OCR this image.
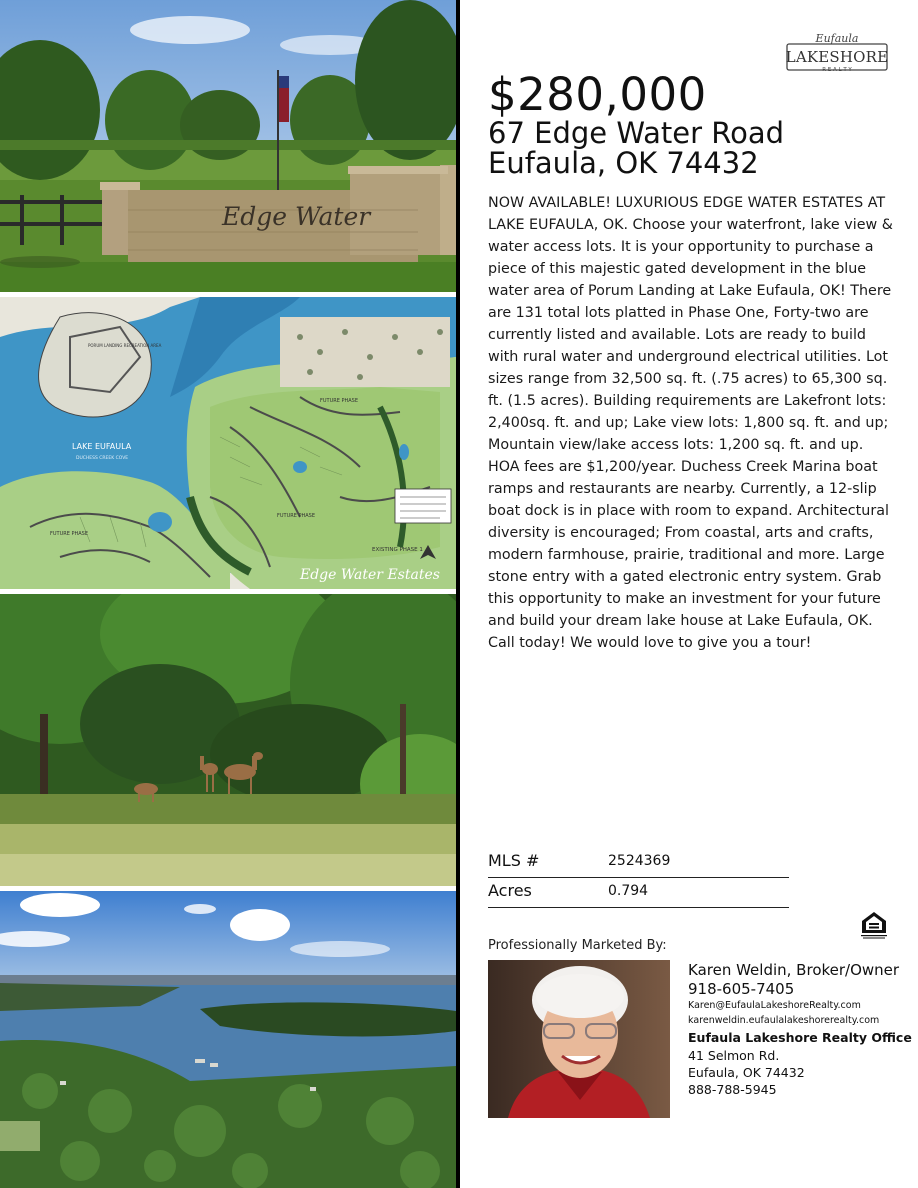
Edge Water
LAKE EUFAULA
DUCHESS CREEK COVE
PORUM LANDING RECREATION AREA
FUTURE PHASE
FUTURE PHASE
FUTURE PHASE
EXISTING PHASE 1
Edge Water Estates
Eufaula
LAKESHORE
R E A L T Y
$280,000
67 Edge Water Road
Eufaula, OK 74432
NOW AVAILABLE! LUXURIOUS EDGE WATER ESTATES AT LAKE EUFAULA, OK. Choose your waterfront, lake view & water access lots. It is your opportunity to purchase a piece of this majestic gated development in the blue water area of Porum Landing at Lake Eufaula, OK! There are 131 total lots platted in Phase One, Forty-two are currently listed and available. Lots are ready to build with rural water and underground electrical utilities. Lot sizes range from 32,500 sq. ft. (.75 acres) to 65,300 sq. ft. (1.5 acres). Building requirements are Lakefront lots: 2,400sq. ft. and up; Lake view lots: 1,800 sq. ft. and up; Mountain view/lake access lots: 1,200 sq. ft. and up. HOA fees are $1,200/year. Duchess Creek Marina boat ramps and restaurants are nearby. Currently, a 12-slip boat dock is in place with room to expand. Architectural diversity is encouraged; From coastal, arts and crafts, modern farmhouse, prairie, traditional and more. Large stone entry with a gated electronic entry system. Grab this opportunity to make an investment for your future and build your dream lake house at Lake Eufaula, OK. Call today! We would love to give you a tour!
MLS #	2524369
Acres	0.794
Professionally Marketed By:
Karen Weldin, Broker/Owner
918-605-7405
Karen@EufaulaLakeshoreRealty.com
karenweldin.eufaulalakeshorerealty.com
Eufaula Lakeshore Realty Office
41 Selmon Rd.
Eufaula, OK 74432
888-788-5945
